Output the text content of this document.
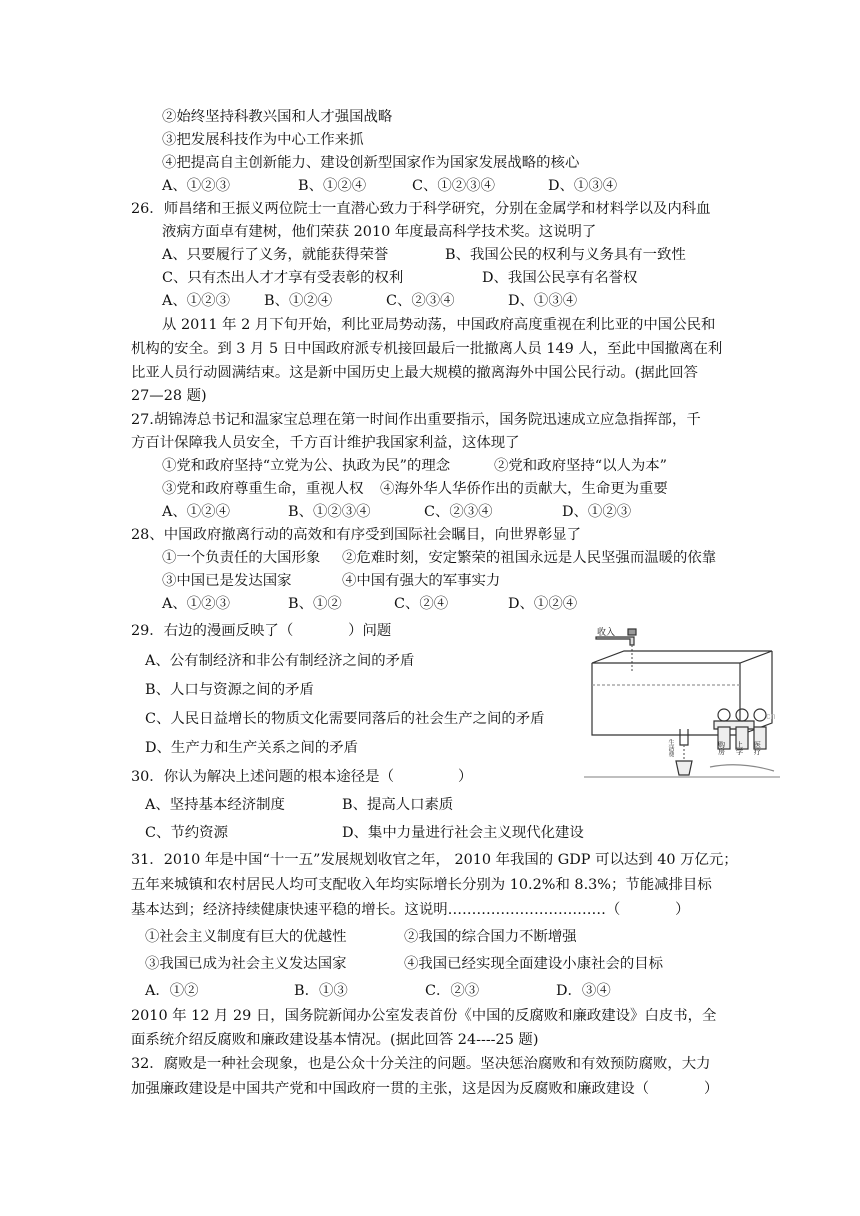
②始终坚持科教兴国和人才强国战略
③把发展科技作为中心工作来抓
④把提高自主创新能力、建设创新型国家作为国家发展战略的核心
A、①②③	B、①②④	C、①②③④	D、①③④
26．师昌绪和王振义两位院士一直潜心致力于科学研究，分别在金属学和材料学以及内科血
液病方面卓有建树，他们荣获 2010 年度最高科学技术奖。这说明了
A、只要履行了义务，就能获得荣誉	B、我国公民的权利与义务具有一致性
C、只有杰出人才才享有受表彰的权利	D、我国公民享有名誉权
A、①②③ B、①②④	C、②③④	D、①③④
从 2011 年 2 月下旬开始，利比亚局势动荡，中国政府高度重视在利比亚的中国公民和
机构的安全。到 3 月 5 日中国政府派专机接回最后一批撤离人员 149 人，至此中国撤离在利
比亚人员行动圆满结束。这是新中国历史上最大规模的撤离海外中国公民行动。(据此回答
27—28 题)
27.胡锦涛总书记和温家宝总理在第一时间作出重要指示，国务院迅速成立应急指挥部，千
方百计保障我人员安全，千方百计维护我国家利益，这体现了
①党和政府坚持“立党为公、执政为民”的理念	②党和政府坚持“以人为本”
③党和政府尊重生命，重视人权 ④海外华人华侨作出的贡献大，生命更为重要
A、①②④	B、①②③④	C、②③④	D、①②③
28、中国政府撤离行动的高效和有序受到国际社会瞩目，向世界彰显了
①一个负责任的大国形象 ②危难时刻，安定繁荣的祖国永远是人民坚强而温暖的依靠
③中国已是发达国家	④中国有强大的军事实力
A、①②③	B、①②	C、②④	D、①②④
29．右边的漫画反映了（            ）问题
A、公有制经济和非公有制经济之间的矛盾
B、人口与资源之间的矛盾
C、人民日益增长的物质文化需要同落后的社会生产之间的矛盾
D、生产力和生产关系之间的矛盾
收入
购房 上学 医疗
生活费
cn
30．你认为解决上述问题的根本途径是（              ）
A、坚持基本经济制度	B、提高人口素质
C、节约资源	D、集中力量进行社会主义现代化建设
31．2010 年是中国“十一五”发展规划收官之年， 2010 年我国的 GDP 可以达到 40 万亿元；
五年来城镇和农村居民人均可支配收入年均实际增长分别为 10.2%和 8.3%；节能减排目标
基本达到；经济持续健康快速平稳的增长。这说明……………………………（            ）
①社会主义制度有巨大的优越性	②我国的综合国力不断增强
③我国已成为社会主义发达国家	④我国已经实现全面建设小康社会的目标
A．①②	B．①③	C．②③	D．③④
2010 年 12 月 29 日，国务院新闻办公室发表首份《中国的反腐败和廉政建设》白皮书，全
面系统介绍反腐败和廉政建设基本情况。(据此回答 24----25 题)
32．腐败是一种社会现象，也是公众十分关注的问题。坚决惩治腐败和有效预防腐败，大力
加强廉政建设是中国共产党和中国政府一贯的主张，这是因为反腐败和廉政建设（            ）
